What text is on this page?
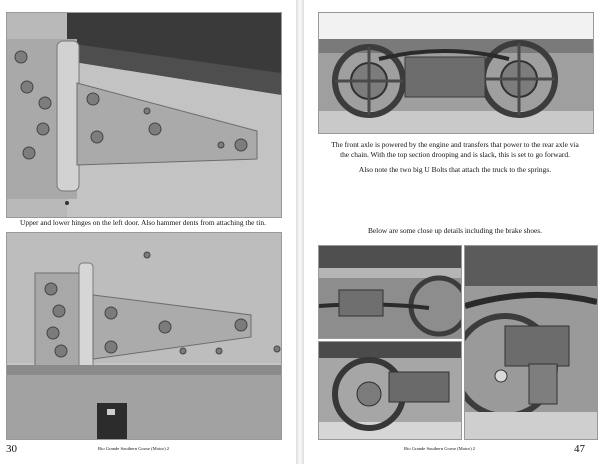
Upper and lower hinges on the left door. Also hammer dents from attaching the tin.
30	Rio Grande Southern Goose (Motor) 2
The front axle is powered by the engine and transfers that power to the rear axle via the chain. With the top section drooping and is slack, this is set to go forward.
Also note the two big U Bolts that attach the truck to the springs.
Below are some close up details including the brake shoes.
Rio Grande Southern Goose (Motor) 2	47
